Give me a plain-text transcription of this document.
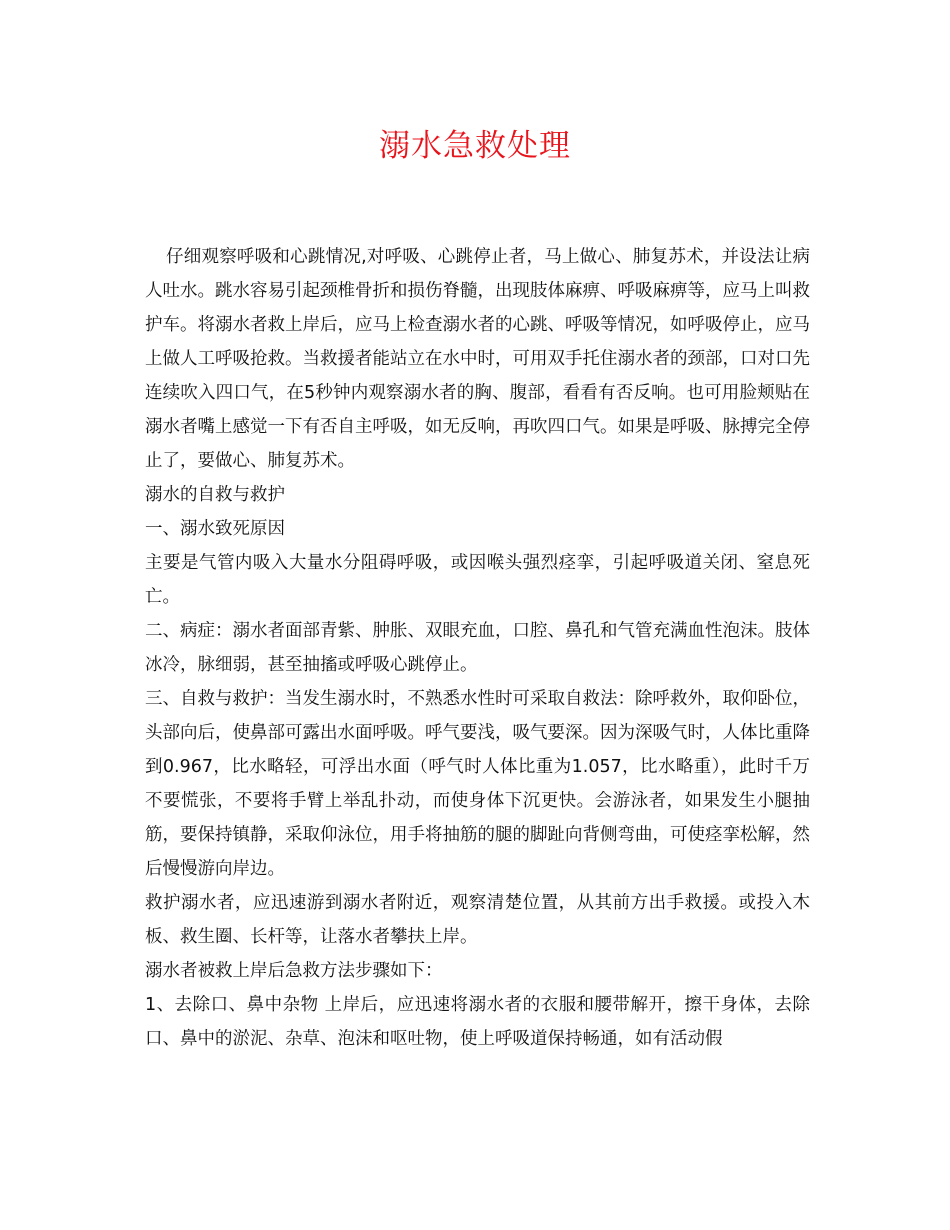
溺水急救处理

仔细观察呼吸和心跳情况,对呼吸、心跳停止者，马上做心、肺复苏术，并设法让病人吐水。跳水容易引起颈椎骨折和损伤脊髓，出现肢体麻痹、呼吸麻痹等，应马上叫救护车。将溺水者救上岸后，应马上检查溺水者的心跳、呼吸等情况，如呼吸停止，应马上做人工呼吸抢救。当救援者能站立在水中时，可用双手托住溺水者的颈部，口对口先连续吹入四口气，在5秒钟内观察溺水者的胸、腹部，看看有否反响。也可用脸颊贴在溺水者嘴上感觉一下有否自主呼吸，如无反响，再吹四口气。如果是呼吸、脉搏完全停止了，要做心、肺复苏术。

溺水的自救与救护

一、溺水致死原因

主要是气管内吸入大量水分阻碍呼吸，或因喉头强烈痉挛，引起呼吸道关闭、窒息死亡。

二、病症：溺水者面部青紫、肿胀、双眼充血，口腔、鼻孔和气管充满血性泡沫。肢体冰冷，脉细弱，甚至抽搐或呼吸心跳停止。

三、自救与救护：当发生溺水时，不熟悉水性时可采取自救法：除呼救外，取仰卧位，头部向后，使鼻部可露出水面呼吸。呼气要浅，吸气要深。因为深吸气时，人体比重降到0.967，比水略轻，可浮出水面（呼气时人体比重为1.057，比水略重），此时千万不要慌张，不要将手臂上举乱扑动，而使身体下沉更快。会游泳者，如果发生小腿抽筋，要保持镇静，采取仰泳位，用手将抽筋的腿的脚趾向背侧弯曲，可使痉挛松解，然后慢慢游向岸边。

救护溺水者，应迅速游到溺水者附近，观察清楚位置，从其前方出手救援。或投入木板、救生圈、长杆等，让落水者攀扶上岸。

溺水者被救上岸后急救方法步骤如下：

1、去除口、鼻中杂物 上岸后，应迅速将溺水者的衣服和腰带解开，擦干身体，去除口、鼻中的淤泥、杂草、泡沫和呕吐物，使上呼吸道保持畅通，如有活动假
